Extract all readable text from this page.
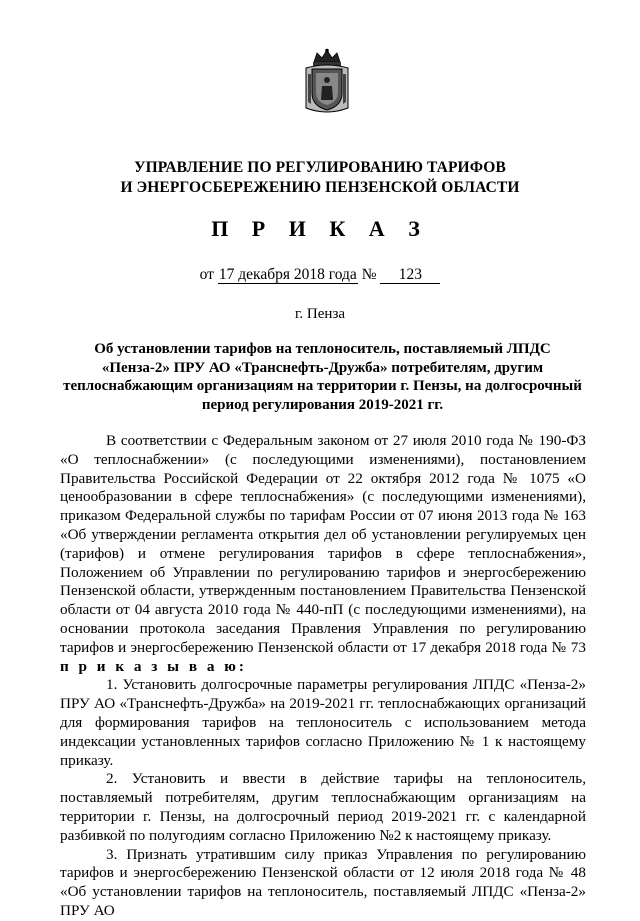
УПРАВЛЕНИЕ ПО РЕГУЛИРОВАНИЮ ТАРИФОВ
И ЭНЕРГОСБЕРЕЖЕНИЮ ПЕНЗЕНСКОЙ ОБЛАСТИ
П Р И К А З
от 17 декабря 2018 года № 123
г. Пенза
Об установлении тарифов на теплоноситель, поставляемый ЛПДС «Пенза-2» ПРУ АО «Транснефть-Дружба» потребителям, другим теплоснабжающим организациям на территории г. Пензы, на долгосрочный период регулирования 2019-2021 гг.

В соответствии с Федеральным законом от 27 июля 2010 года № 190-ФЗ «О теплоснабжении» (с последующими изменениями), постановлением Правительства Российской Федерации от 22 октября 2012 года № 1075 «О ценообразовании в сфере теплоснабжения» (с последующими изменениями), приказом Федеральной службы по тарифам России от 07 июня 2013 года № 163 «Об утверждении регламента открытия дел об установлении регулируемых цен (тарифов) и отмене регулирования тарифов в сфере теплоснабжения», Положением об Управлении по регулированию тарифов и энергосбережению Пензенской области, утвержденным постановлением Правительства Пензенской области от 04 августа 2010 года № 440-пП (с последующими изменениями), на основании протокола заседания Правления Управления по регулированию тарифов и энергосбережению Пензенской области от 17 декабря 2018 года № 73 п р и к а з ы в а ю:

1. Установить долгосрочные параметры регулирования ЛПДС «Пенза-2» ПРУ АО «Транснефть-Дружба» на 2019-2021 гг. теплоснабжающих организаций для формирования тарифов на теплоноситель с использованием метода индексации установленных тарифов согласно Приложению № 1 к настоящему приказу.

2. Установить и ввести в действие тарифы на теплоноситель, поставляемый потребителям, другим теплоснабжающим организациям на территории г. Пензы, на долгосрочный период 2019-2021 гг. с календарной разбивкой по полугодиям согласно Приложению №2 к настоящему приказу.

3. Признать утратившим силу приказ Управления по регулированию тарифов и энергосбережению Пензенской области от 12 июля 2018 года № 48 «Об установлении тарифов на теплоноситель, поставляемый ЛПДС «Пенза-2» ПРУ АО
